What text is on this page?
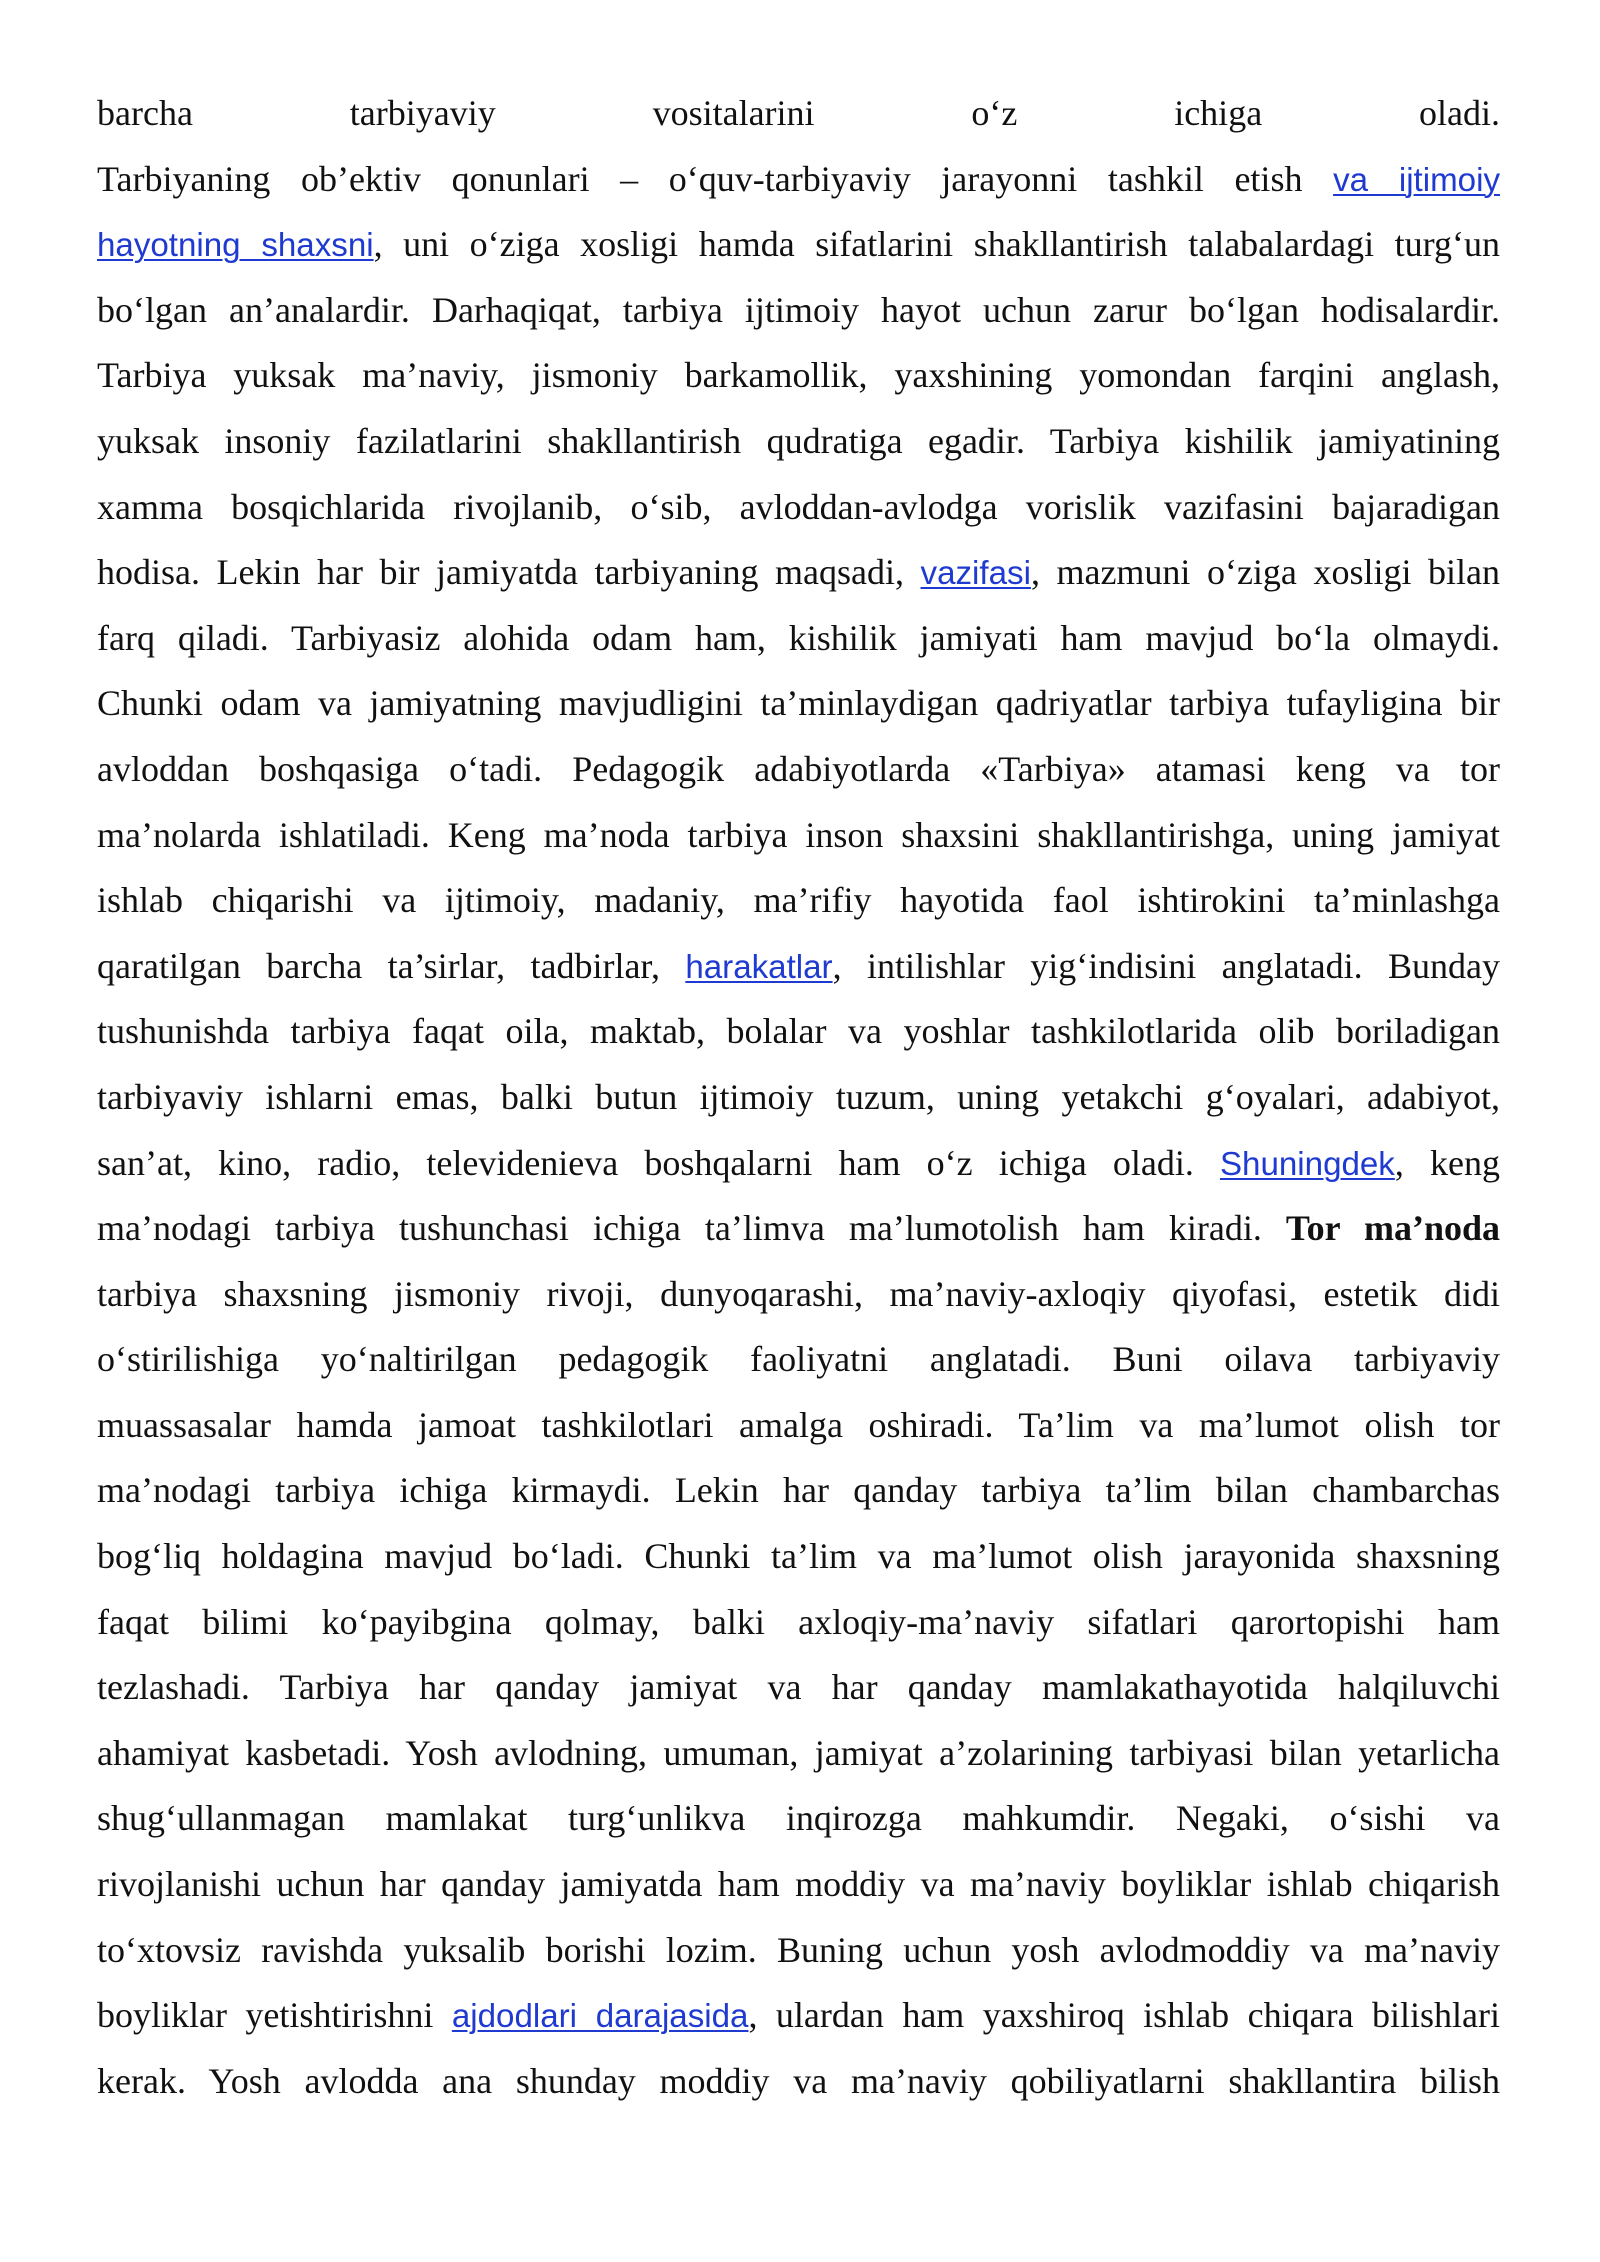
barcha tarbiyaviy vositalarini o‘z ichiga oladi.
Tarbiyaning ob’ektiv qonunlari – o‘quv-tarbiyaviy jarayonni tashkil etish va ijtimoiy
hayotning shaxsni, uni o‘ziga xosligi hamda sifatlarini shakllantirish talabalardagi turg‘un
bo‘lgan an’analardir. Darhaqiqat, tarbiya ijtimoiy hayot uchun zarur bo‘lgan hodisalardir.
Tarbiya yuksak ma’naviy, jismoniy barkamollik, yaxshining yomondan farqini anglash,
yuksak insoniy fazilatlarini shakllantirish qudratiga egadir. Tarbiya kishilik jamiyatining
xamma bosqichlarida rivojlanib, o‘sib, avloddan-avlodga vorislik vazifasini bajaradigan
hodisa. Lekin har bir jamiyatda tarbiyaning maqsadi, vazifasi, mazmuni o‘ziga xosligi bilan
farq qiladi. Tarbiyasiz alohida odam ham, kishilik jamiyati ham mavjud bo‘la olmaydi.
Chunki odam va jamiyatning mavjudligini ta’minlaydigan qadriyatlar tarbiya tufayligina bir
avloddan boshqasiga o‘tadi. Pedagogik adabiyotlarda «Tarbiya» atamasi keng va tor
ma’nolarda ishlatiladi. Keng ma’noda tarbiya inson shaxsini shakllantirishga, uning jamiyat
ishlab chiqarishi va ijtimoiy, madaniy, ma’rifiy hayotida faol ishtirokini ta’minlashga
qaratilgan barcha ta’sirlar, tadbirlar, harakatlar, intilishlar yig‘indisini anglatadi. Bunday
tushunishda tarbiya faqat oila, maktab, bolalar va yoshlar tashkilotlarida olib boriladigan
tarbiyaviy ishlarni emas, balki butun ijtimoiy tuzum, uning yetakchi g‘oyalari, adabiyot,
san’at, kino, radio, televidenieva boshqalarni ham o‘z ichiga oladi. Shuningdek, keng
ma’nodagi tarbiya tushunchasi ichiga ta’limva ma’lumotolish ham kiradi. Tor ma’noda
tarbiya shaxsning jismoniy rivoji, dunyoqarashi, ma’naviy-axloqiy qiyofasi, estetik didi
o‘stirilishiga yo‘naltirilgan pedagogik faoliyatni anglatadi. Buni oilava tarbiyaviy
muassasalar hamda jamoat tashkilotlari amalga oshiradi. Ta’lim va ma’lumot olish tor
ma’nodagi tarbiya ichiga kirmaydi. Lekin har qanday tarbiya ta’lim bilan chambarchas
bog‘liq holdagina mavjud bo‘ladi. Chunki ta’lim va ma’lumot olish jarayonida shaxsning
faqat bilimi ko‘payibgina qolmay, balki axloqiy-ma’naviy sifatlari qarortopishi ham
tezlashadi. Tarbiya har qanday jamiyat va har qanday mamlakathayotida halqiluvchi
ahamiyat kasbetadi. Yosh avlodning, umuman, jamiyat a’zolarining tarbiyasi bilan yetarlicha
shug‘ullanmagan mamlakat turg‘unlikva inqirozga mahkumdir. Negaki, o‘sishi va
rivojlanishi uchun har qanday jamiyatda ham moddiy va ma’naviy boyliklar ishlab chiqarish
to‘xtovsiz ravishda yuksalib borishi lozim. Buning uchun yosh avlodmoddiy va ma’naviy
boyliklar yetishtirishni ajdodlari darajasida, ulardan ham yaxshiroq ishlab chiqara bilishlari
kerak. Yosh avlodda ana shunday moddiy va ma’naviy qobiliyatlarni shakllantira bilish
